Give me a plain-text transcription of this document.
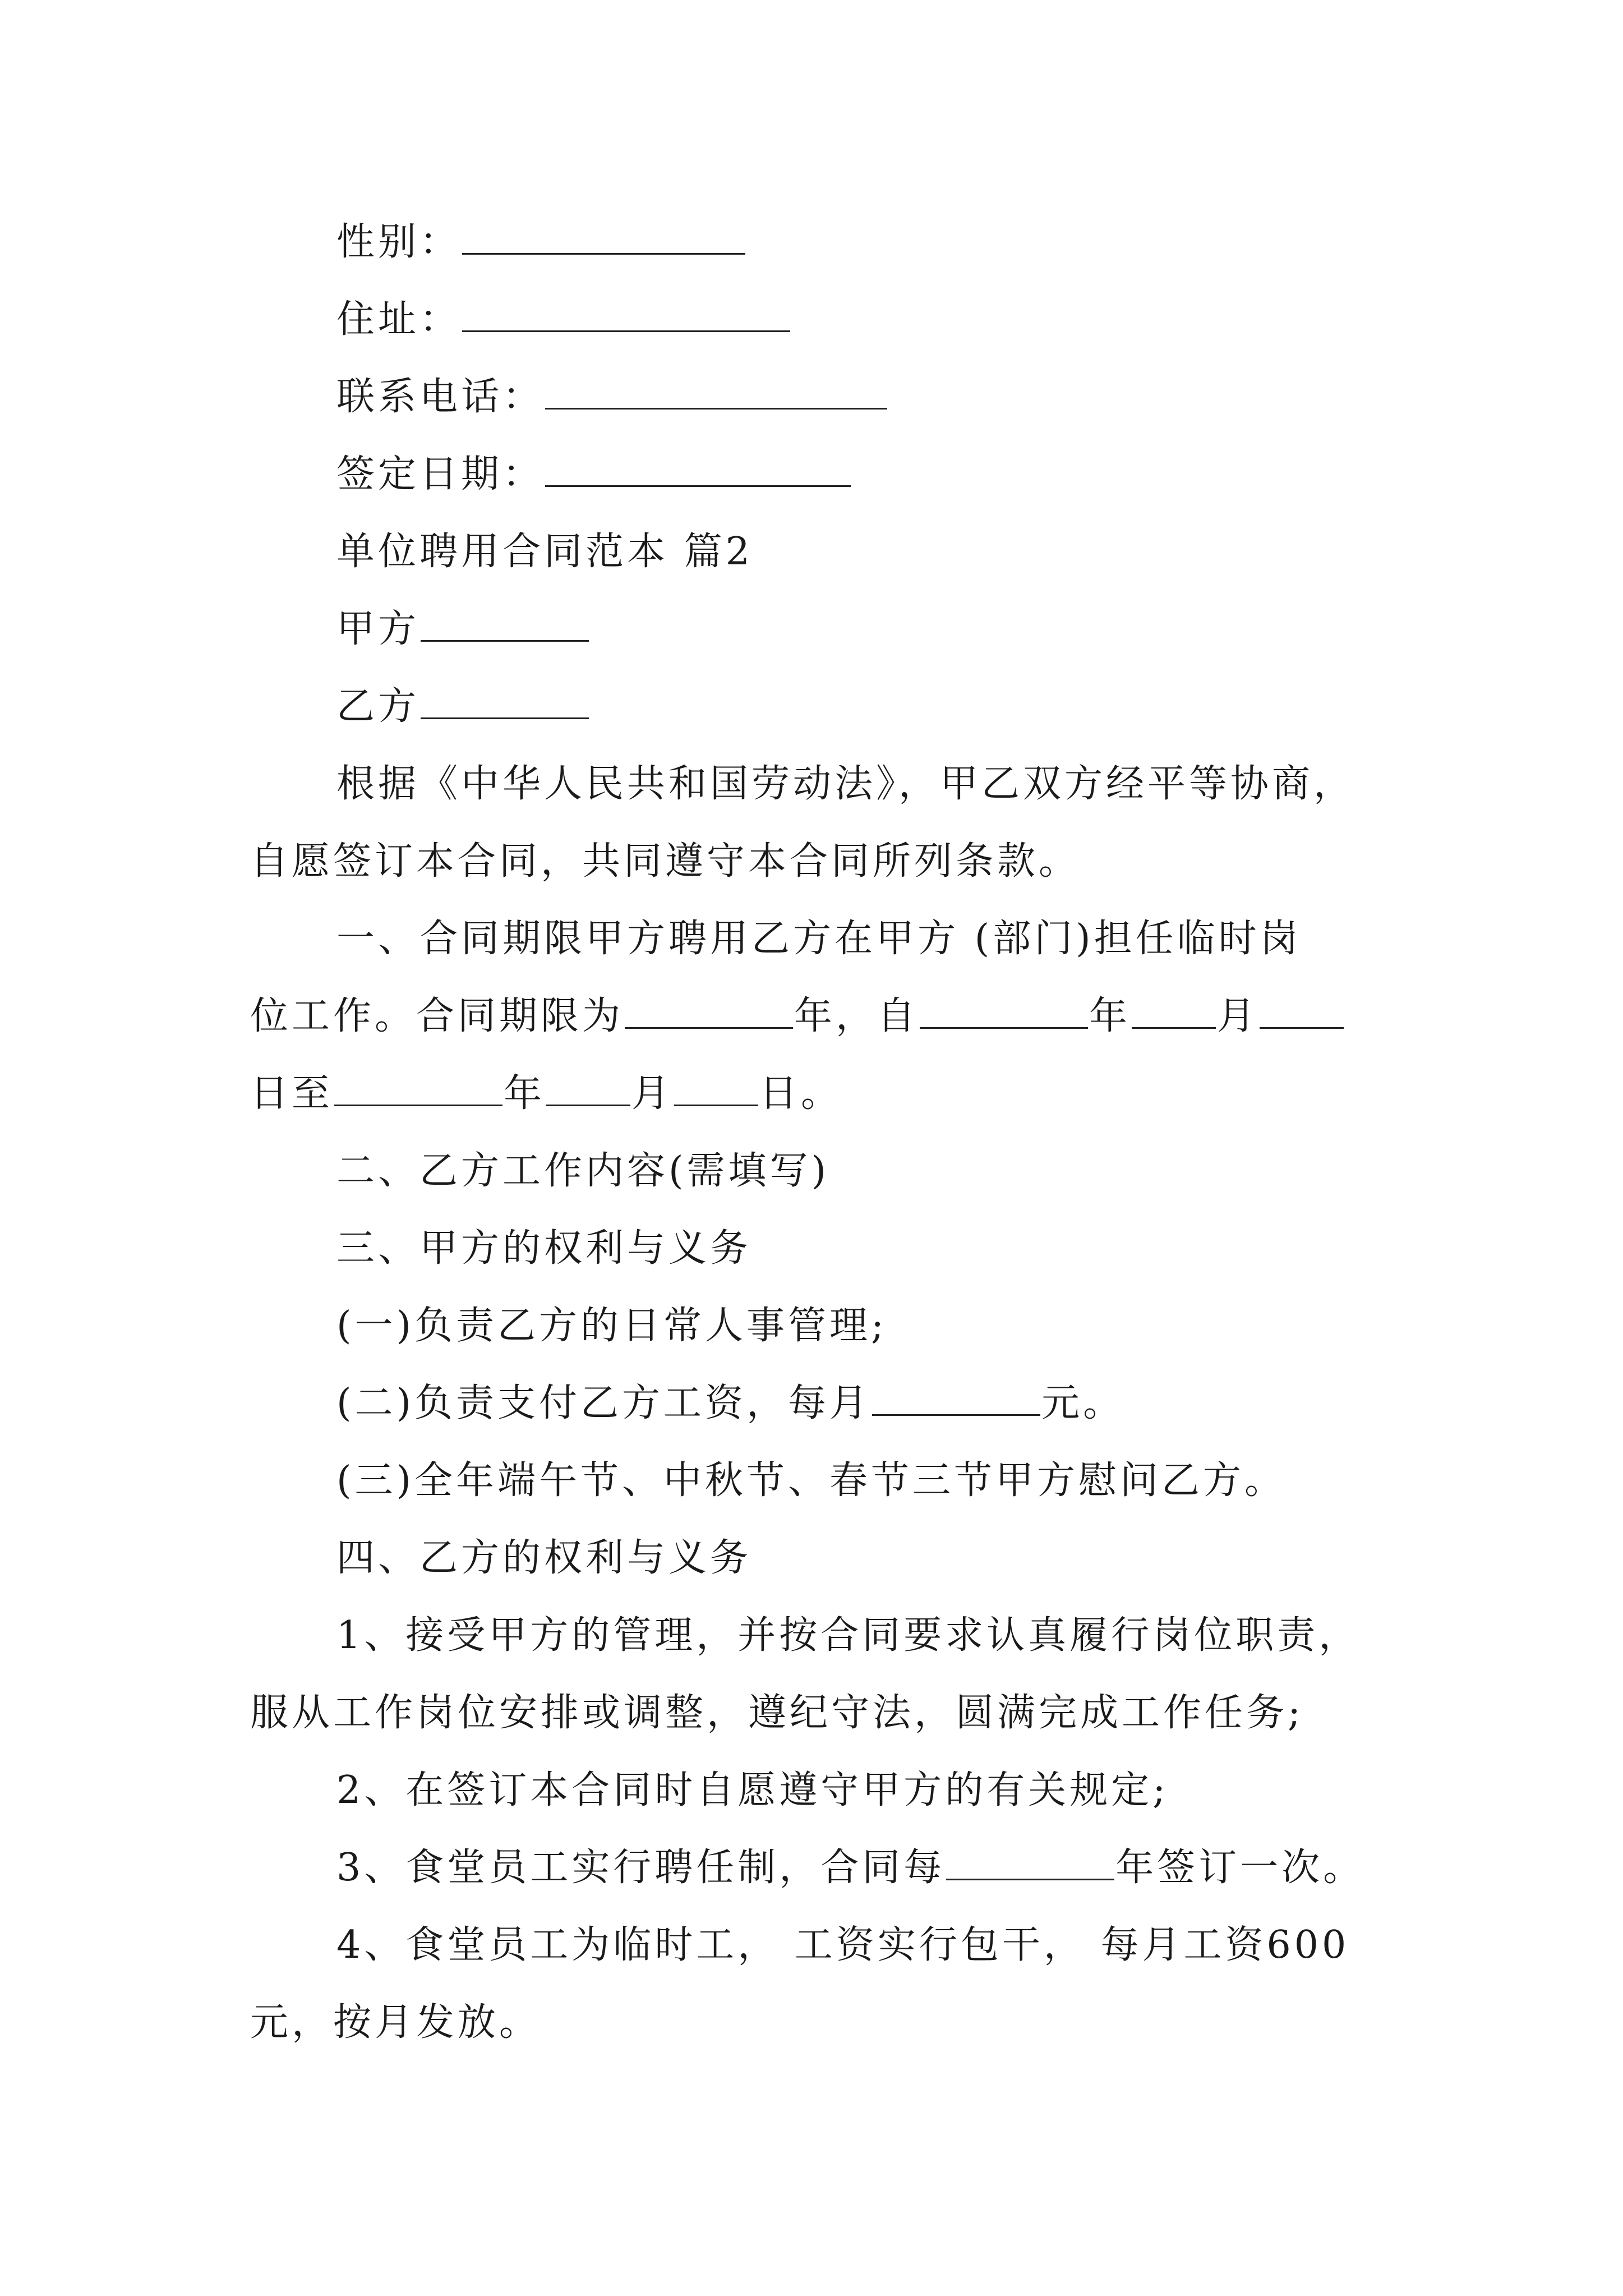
性别：
住址：
联系电话：
签定日期：
单位聘用合同范本 篇2
甲方
乙方
根据《中华人民共和国劳动法》，甲乙双方经平等协商，
自愿签订本合同，共同遵守本合同所列条款。
一、合同期限甲方聘用乙方在甲方 (部门)担任临时岗
位工作。合同期限为	年，自	年 月
日至	年 月 日。
二、乙方工作内容(需填写)
三、甲方的权利与义务
(一)负责乙方的日常人事管理;
(二)负责支付乙方工资，每月	元。
(三)全年端午节、中秋节、春节三节甲方慰问乙方。
四、乙方的权利与义务
1、接受甲方的管理，并按合同要求认真履行岗位职责，
服从工作岗位安排或调整，遵纪守法，圆满完成工作任务;
2、在签订本合同时自愿遵守甲方的有关规定;
3、食堂员工实行聘任制，合同每	年签订一次。
4、食堂员工为临时工， 工资实行包干， 每月工资600
元，按月发放。
